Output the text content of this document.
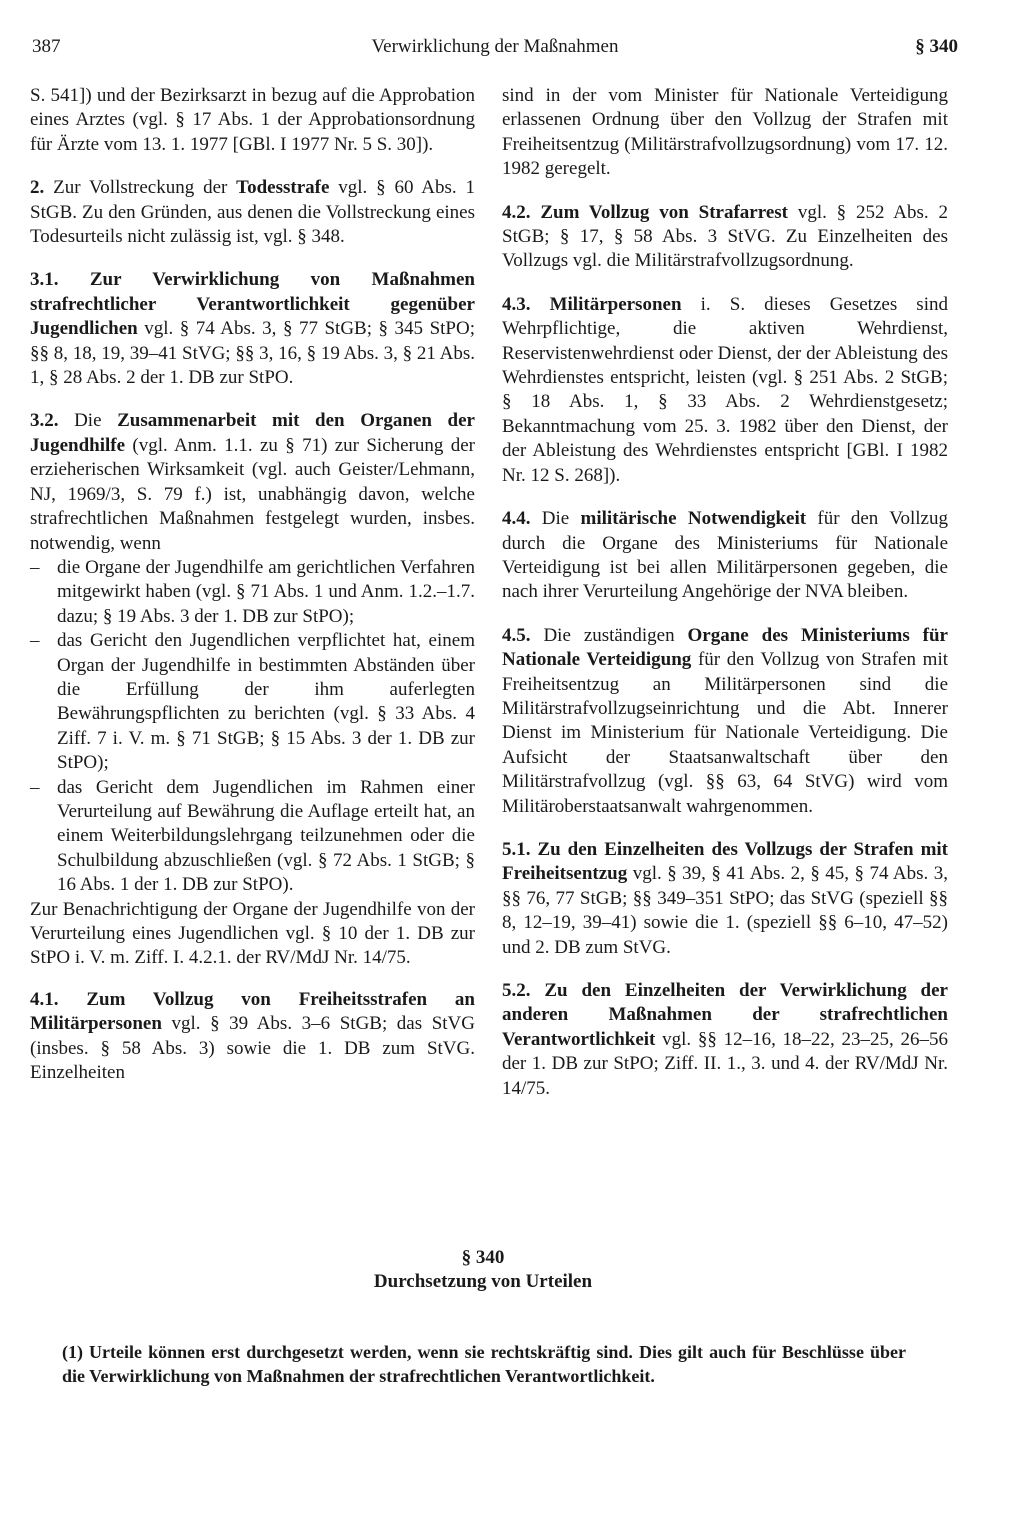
387	Verwirklichung der Maßnahmen	§ 340

S. 541]) und der Bezirksarzt in bezug auf die Approbation eines Arztes (vgl. § 17 Abs. 1 der Approbationsordnung für Ärzte vom 13. 1. 1977 [GBl. I 1977 Nr. 5 S. 30]).

2. Zur Vollstreckung der Todesstrafe vgl. § 60 Abs. 1 StGB. Zu den Gründen, aus denen die Vollstreckung eines Todesurteils nicht zulässig ist, vgl. § 348.

3.1. Zur Verwirklichung von Maßnahmen strafrechtlicher Verantwortlichkeit gegenüber Jugendlichen vgl. § 74 Abs. 3, § 77 StGB; § 345 StPO; §§ 8, 18, 19, 39–41 StVG; §§ 3, 16, § 19 Abs. 3, § 21 Abs. 1, § 28 Abs. 2 der 1. DB zur StPO.

3.2. Die Zusammenarbeit mit den Organen der Jugendhilfe (vgl. Anm. 1.1. zu § 71) zur Sicherung der erzieherischen Wirksamkeit (vgl. auch Geister/Lehmann, NJ, 1969/3, S. 79 f.) ist, unabhängig davon, welche strafrechtlichen Maßnahmen festgelegt wurden, insbes. notwendig, wenn
– die Organe der Jugendhilfe am gerichtlichen Verfahren mitgewirkt haben (vgl. § 71 Abs. 1 und Anm. 1.2.–1.7. dazu; § 19 Abs. 3 der 1. DB zur StPO);
– das Gericht den Jugendlichen verpflichtet hat, einem Organ der Jugendhilfe in bestimmten Abständen über die Erfüllung der ihm auferlegten Bewährungspflichten zu berichten (vgl. § 33 Abs. 4 Ziff. 7 i. V. m. § 71 StGB; § 15 Abs. 3 der 1. DB zur StPO);
– das Gericht dem Jugendlichen im Rahmen einer Verurteilung auf Bewährung die Auflage erteilt hat, an einem Weiterbildungslehrgang teilzunehmen oder die Schulbildung abzuschließen (vgl. § 72 Abs. 1 StGB; § 16 Abs. 1 der 1. DB zur StPO).
Zur Benachrichtigung der Organe der Jugendhilfe von der Verurteilung eines Jugendlichen vgl. § 10 der 1. DB zur StPO i. V. m. Ziff. I. 4.2.1. der RV/MdJ Nr. 14/75.

4.1. Zum Vollzug von Freiheitsstrafen an Militärpersonen vgl. § 39 Abs. 3–6 StGB; das StVG (insbes. § 58 Abs. 3) sowie die 1. DB zum StVG. Einzelheiten

sind in der vom Minister für Nationale Verteidigung erlassenen Ordnung über den Vollzug der Strafen mit Freiheitsentzug (Militärstrafvollzugsordnung) vom 17. 12. 1982 geregelt.

4.2. Zum Vollzug von Strafarrest vgl. § 252 Abs. 2 StGB; § 17, § 58 Abs. 3 StVG. Zu Einzelheiten des Vollzugs vgl. die Militärstrafvollzugsordnung.

4.3. Militärpersonen i. S. dieses Gesetzes sind Wehrpflichtige, die aktiven Wehrdienst, Reservistenwehrdienst oder Dienst, der der Ableistung des Wehrdienstes entspricht, leisten (vgl. § 251 Abs. 2 StGB; § 18 Abs. 1, § 33 Abs. 2 Wehrdienstgesetz; Bekanntmachung vom 25. 3. 1982 über den Dienst, der der Ableistung des Wehrdienstes entspricht [GBl. I 1982 Nr. 12 S. 268]).

4.4. Die militärische Notwendigkeit für den Vollzug durch die Organe des Ministeriums für Nationale Verteidigung ist bei allen Militärpersonen gegeben, die nach ihrer Verurteilung Angehörige der NVA bleiben.

4.5. Die zuständigen Organe des Ministeriums für Nationale Verteidigung für den Vollzug von Strafen mit Freiheitsentzug an Militärpersonen sind die Militärstrafvollzugseinrichtung und die Abt. Innerer Dienst im Ministerium für Nationale Verteidigung. Die Aufsicht der Staatsanwaltschaft über den Militärstrafvollzug (vgl. §§ 63, 64 StVG) wird vom Militäroberstaatsanwalt wahrgenommen.

5.1. Zu den Einzelheiten des Vollzugs der Strafen mit Freiheitsentzug vgl. § 39, § 41 Abs. 2, § 45, § 74 Abs. 3, §§ 76, 77 StGB; §§ 349–351 StPO; das StVG (speziell §§ 8, 12–19, 39–41) sowie die 1. (speziell §§ 6–10, 47–52) und 2. DB zum StVG.

5.2. Zu den Einzelheiten der Verwirklichung der anderen Maßnahmen der strafrechtlichen Verantwortlichkeit vgl. §§ 12–16, 18–22, 23–25, 26–56 der 1. DB zur StPO; Ziff. II. 1., 3. und 4. der RV/MdJ Nr. 14/75.

§ 340
Durchsetzung von Urteilen

(1) Urteile können erst durchgesetzt werden, wenn sie rechtskräftig sind. Dies gilt auch für Beschlüsse über die Verwirklichung von Maßnahmen der strafrechtlichen Verantwortlichkeit.
